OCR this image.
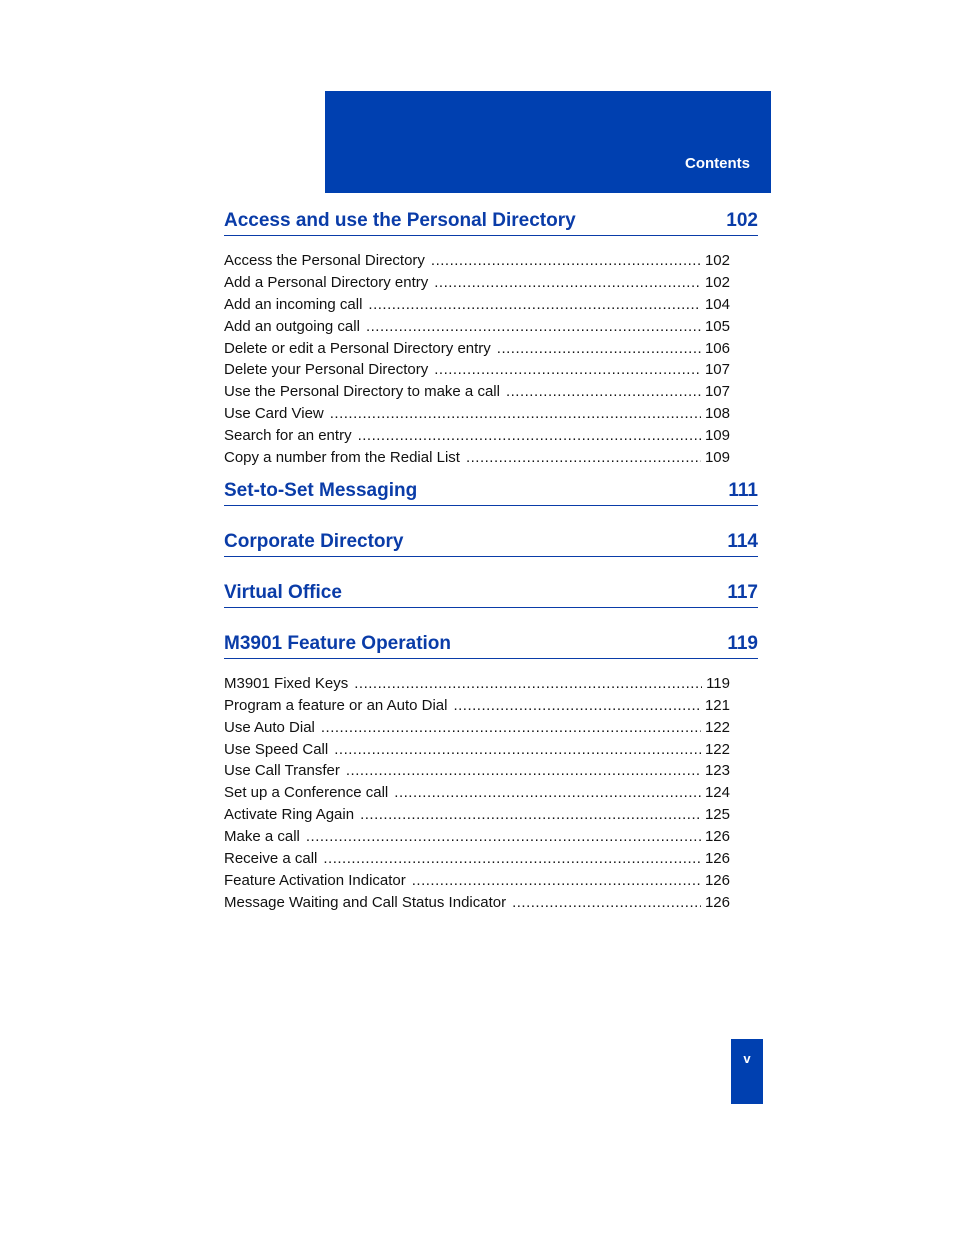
Contents
Access and use the Personal Directory	102
Access the Personal Directory .....	102
Add a Personal Directory entry .....	102
Add an incoming call .....	104
Add an outgoing call .....	105
Delete or edit a Personal Directory entry .....	106
Delete your Personal Directory .....	107
Use the Personal Directory to make a call .....	107
Use Card View .....	108
Search for an entry .....	109
Copy a number from the Redial List .....	109
Set-to-Set Messaging	111
Corporate Directory	114
Virtual Office	117
M3901 Feature Operation	119
M3901 Fixed Keys .....	119
Program a feature or an Auto Dial .....	121
Use Auto Dial .....	122
Use Speed Call .....	122
Use Call Transfer .....	123
Set up a Conference call .....	124
Activate Ring Again .....	125
Make a call .....	126
Receive a call .....	126
Feature Activation Indicator .....	126
Message Waiting and Call Status Indicator .....	126
v
